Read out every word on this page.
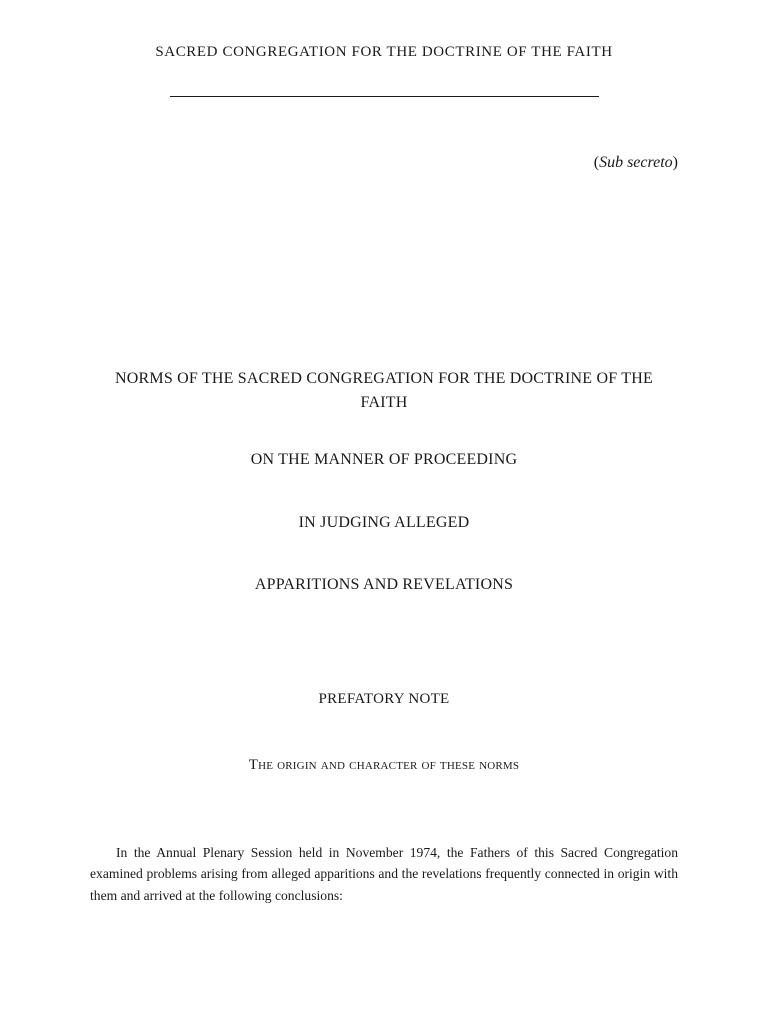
SACRED CONGREGATION FOR THE DOCTRINE OF THE FAITH
(Sub secreto)
NORMS OF THE SACRED CONGREGATION FOR THE DOCTRINE OF THE FAITH
ON THE MANNER OF PROCEEDING
IN JUDGING ALLEGED
APPARITIONS AND REVELATIONS
PREFATORY NOTE
The origin and character of these norms

In the Annual Plenary Session held in November 1974, the Fathers of this Sacred Congregation examined problems arising from alleged apparitions and the revelations frequently connected in origin with them and arrived at the following conclusions:
